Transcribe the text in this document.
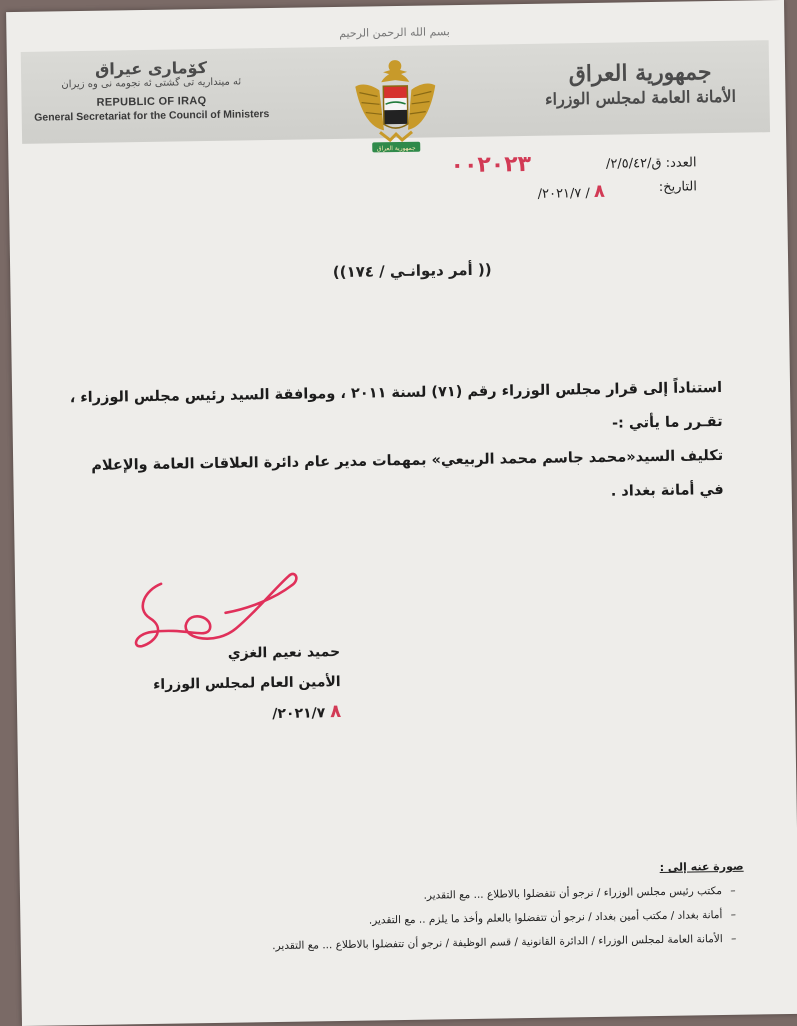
بسم الله الرحمن الرحيم
کۆماری عیراق
ئه مینداریه تی گشتی ئه نجومه نی وه زیران
REPUBLIC OF IRAQ
General Secretariat for the Council of Ministers
جمهورية العراق
الأمانة العامة لمجلس الوزراء
جمهورية العراق
العدد: ق/٢/٥/٤٢/
التاريخ:
٠٠٢٠٢٣
٨ / ٢٠٢١/٧/
(( أمر ديوانـي / ١٧٤))

استناداً إلى قرار مجلس الوزراء رقم (٧١) لسنة ٢٠١١ ، وموافقة السيد رئيس مجلس الوزراء ،

تقـرر ما يأتي :-

تكليف السيد«محمد جاسم محمد الربيعي» بمهمات مدير عام دائرة العلاقات العامة والإعلام في أمانة بغداد .

حميد نعيم الغزي
الأمين العام لمجلس الوزراء
٨ ٢٠٢١/٧/
صورة عنه إلى :
–
مكتب رئيس مجلس الوزراء / نرجو أن تتفضلوا بالاطلاع ... مع التقدير.
–
أمانة بغداد / مكتب أمين بغداد / نرجو أن تتفضلوا بالعلم وأخذ ما يلزم .. مع التقدير.
–
الأمانة العامة لمجلس الوزراء / الدائرة القانونية / قسم الوظيفة / نرجو أن تتفضلوا بالاطلاع ... مع التقدير.
